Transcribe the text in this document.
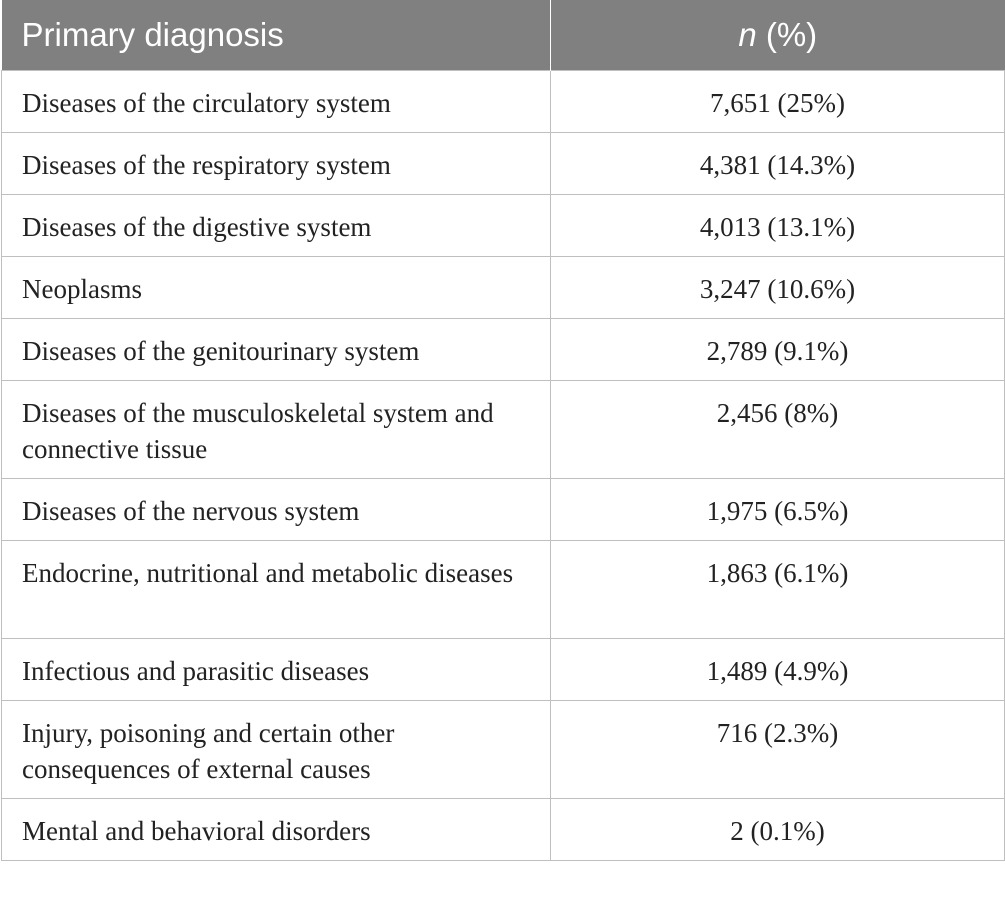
Primary diagnosis	n (%)
Diseases of the circulatory system	7,651 (25%)
Diseases of the respiratory system	4,381 (14.3%)
Diseases of the digestive system	4,013 (13.1%)
Neoplasms	3,247 (10.6%)
Diseases of the genitourinary system	2,789 (9.1%)
Diseases of the musculoskeletal system and connective tissue	2,456 (8%)
Diseases of the nervous system	1,975 (6.5%)
Endocrine, nutritional and metabolic diseases	1,863 (6.1%)
Infectious and parasitic diseases	1,489 (4.9%)
Injury, poisoning and certain other consequences of external causes	716 (2.3%)
Mental and behavioral disorders	2 (0.1%)
